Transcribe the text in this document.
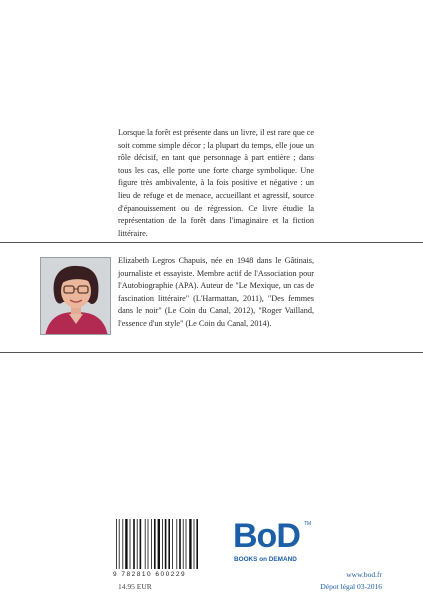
Lorsque la forêt est présente dans un livre, il est rare que ce soit comme simple décor ; la plupart du temps, elle joue un rôle décisif, en tant que personnage à part entière ; dans tous les cas, elle porte une forte charge symbolique. Une figure très ambivalente, à la fois positive et négative : un lieu de refuge et de menace, accueillant et agressif, source d'épanouissement ou de régression. Ce livre étudie la représentation de la forêt dans l'imaginaire et la fiction littéraire.

Elizabeth Legros Chapuis, née en 1948 dans le Gâtinais, journaliste et essayiste. Membre actif de l'Association pour l'Autobiographie (APA). Auteur de "Le Mexique, un cas de fascination littéraire" (L'Harmattan, 2011), "Des femmes dans le noir" (Le Coin du Canal, 2012), "Roger Vailland, l'essence d'un style" (Le Coin du Canal, 2014).

9 782810 600229
14.95 EUR
BoD TM
BOOKS on DEMAND
www.bod.fr
Dépot légal 03-2016
